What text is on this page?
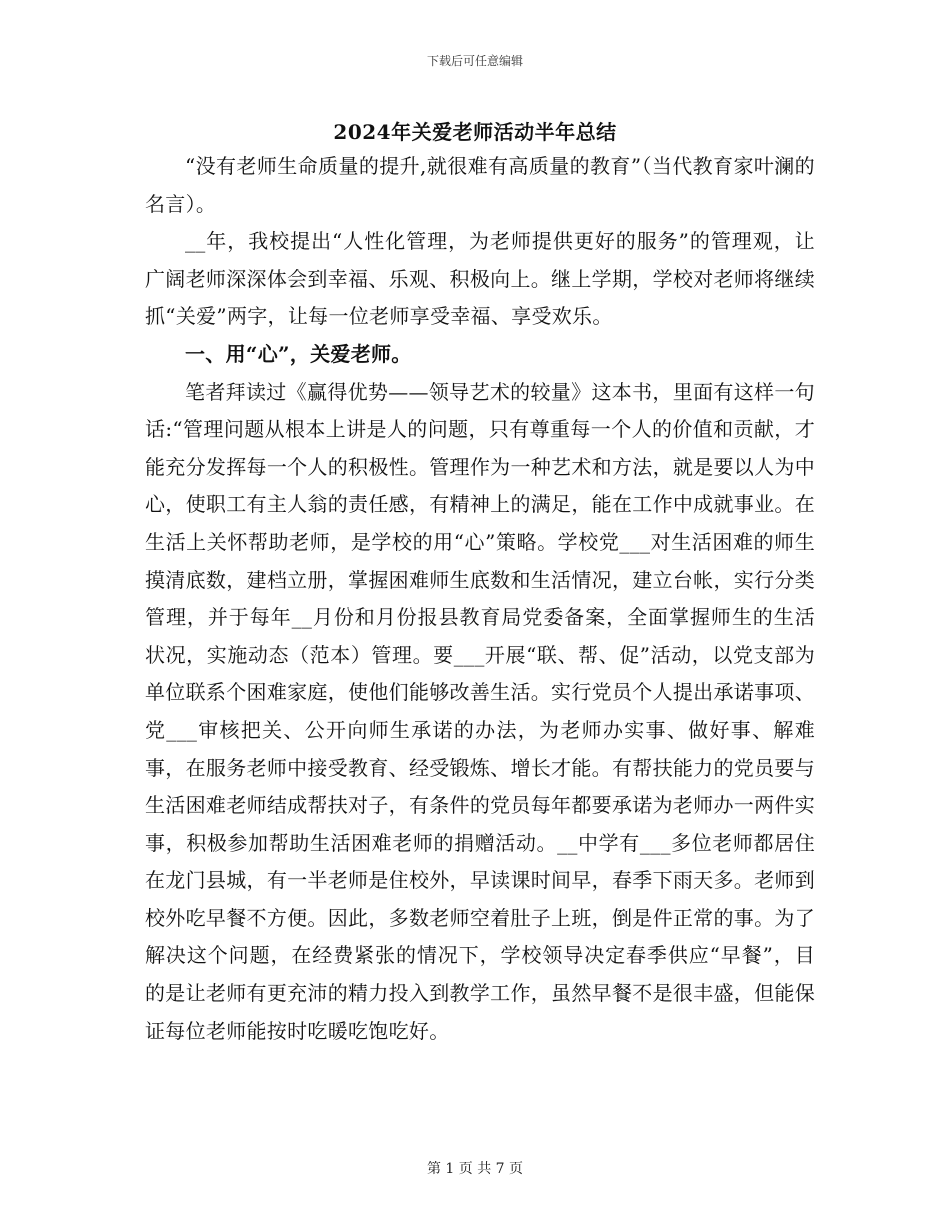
下载后可任意编辑
2024年关爱老师活动半年总结

“没有老师生命质量的提升,就很难有高质量的教育”（当代教育家叶澜的名言）。

__年，我校提出“人性化管理，为老师提供更好的服务”的管理观，让广阔老师深深体会到幸福、乐观、积极向上。继上学期，学校对老师将继续抓“关爱”两字，让每一位老师享受幸福、享受欢乐。

一、用“心”，关爱老师。

笔者拜读过《赢得优势——领导艺术的较量》这本书，里面有这样一句话:“管理问题从根本上讲是人的问题，只有尊重每一个人的价值和贡献，才能充分发挥每一个人的积极性。管理作为一种艺术和方法，就是要以人为中心，使职工有主人翁的责任感，有精神上的满足，能在工作中成就事业。在生活上关怀帮助老师，是学校的用“心”策略。学校党___对生活困难的师生摸清底数，建档立册，掌握困难师生底数和生活情况，建立台帐，实行分类管理，并于每年__月份和月份报县教育局党委备案，全面掌握师生的生活状况，实施动态（范本）管理。要___开展“联、帮、促”活动，以党支部为单位联系个困难家庭，使他们能够改善生活。实行党员个人提出承诺事项、党___审核把关、公开向师生承诺的办法，为老师办实事、做好事、解难事，在服务老师中接受教育、经受锻炼、增长才能。有帮扶能力的党员要与生活困难老师结成帮扶对子，有条件的党员每年都要承诺为老师办一两件实事，积极参加帮助生活困难老师的捐赠活动。__中学有___多位老师都居住在龙门县城，有一半老师是住校外，早读课时间早，春季下雨天多。老师到校外吃早餐不方便。因此，多数老师空着肚子上班，倒是件正常的事。为了解决这个问题，在经费紧张的情况下，学校领导决定春季供应“早餐”，目的是让老师有更充沛的精力投入到教学工作，虽然早餐不是很丰盛，但能保证每位老师能按时吃暖吃饱吃好。

第 1 页 共 7 页
